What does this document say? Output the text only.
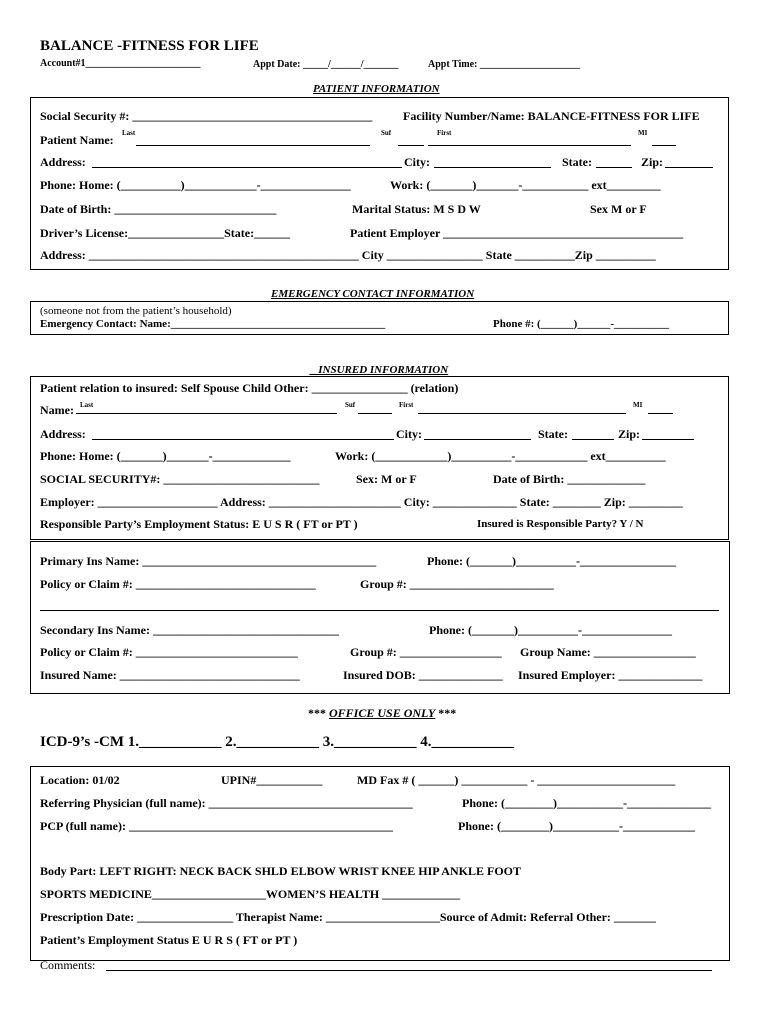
BALANCE -FITNESS FOR LIFE
Account#1_______________________	Appt Date: _____/______/_______	Appt Time: ____________________
PATIENT INFORMATION
Social Security #: ________________________________________	Facility Number/Name: BALANCE-FITNESS FOR LIFE
Patient Name: Last	Suf	First	MI
Address:	City:	State:	Zip:
Phone: Home: (__________)____________-_______________	Work: (_______)_______-___________ ext_________
Date of Birth: ___________________________	Marital Status: M S D W	Sex M or F
Driver’s License:________________State:______	Patient Employer ________________________________________
Address: _____________________________________________ City ________________ State __________Zip __________
EMERGENCY CONTACT INFORMATION
(someone not from the patient’s household)
Emergency Contact: Name:_______________________________________	Phone #: (______)______-__________
_ INSURED INFORMATION
Patient relation to insured: Self Spouse Child Other: ________________ (relation)
Name: Last	Suf	First	MI
Address:	City:	State:	Zip:
Phone: Home: (_______)_______-_____________	Work: (____________)__________-____________ ext__________
SOCIAL SECURITY#: __________________________	Sex: M or F	Date of Birth: _____________
Employer: ____________________ Address: ______________________ City: ______________ State: ________ Zip: _________
Responsible Party’s Employment Status: E U S R ( FT or PT )	Insured is Responsible Party? Y / N
Primary Ins Name: _______________________________________	Phone: (_______)__________-________________
Policy or Claim #: ______________________________	Group #: ________________________
Secondary Ins Name: _______________________________	Phone: (_______)__________-_______________
Policy or Claim #: ___________________________	Group #: _________________ Group Name: _________________
Insured Name: ______________________________	Insured DOB: ______________ Insured Employer: ______________
*** OFFICE USE ONLY ***
ICD-9’s -CM 1.___________ 2.___________ 3.___________ 4.___________
Location: 01/02	UPIN#___________	MD Fax # ( ______) ___________ - _______________________
Referring Physician (full name): __________________________________	Phone: (________)___________-______________
PCP (full name): ____________________________________________	Phone: (________)___________-____________
Body Part: LEFT RIGHT: NECK BACK SHLD ELBOW WRIST KNEE HIP ANKLE FOOT
SPORTS MEDICINE___________________WOMEN’S HEALTH _____________
Prescription Date: ________________ Therapist Name: ___________________Source of Admit: Referral Other: _______
Patient’s Employment Status E U R S ( FT or PT )
Comments:
